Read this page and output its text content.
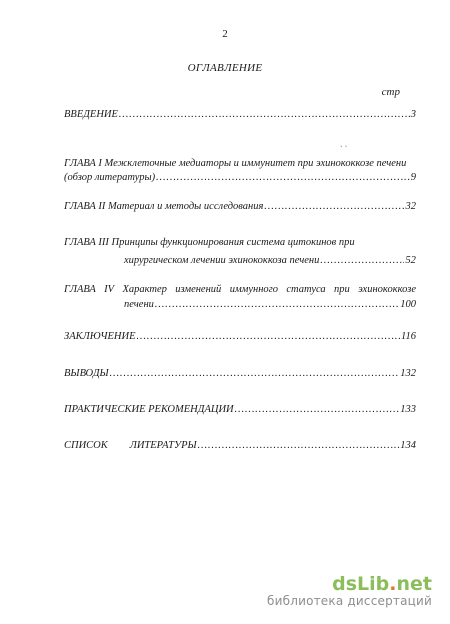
2
ОГЛАВЛЕНИЕ
стр
ˎ ˏ
ВВЕДЕНИЕ …………………………………………………………………………………………………………………………………………………………………………	3
ГЛАВА I Межклеточные медиаторы и иммунитет при эхинококкозе печени
(обзор литературы) …………………………………………………………………………………………………………………………………………………………………………	9
ГЛАВА II Материал и методы исследования …………………………………………………………………………………………………………………………………………………………………………	32
ГЛАВА III Принципы функционирования система цитокинов при
хирургическом лечении эхинококкоза печени …………………………………………………………………………………………………………………………………………………………………………	52
ГЛАВА IV Характер изменений иммунного статуса при эхинококкозе
печени …………………………………………………………………………………………………………………………………………………………………………	100
ЗАКЛЮЧЕНИЕ …………………………………………………………………………………………………………………………………………………………………………	116
ВЫВОДЫ …………………………………………………………………………………………………………………………………………………………………………	132
ПРАКТИЧЕСКИЕ РЕКОМЕНДАЦИИ …………………………………………………………………………………………………………………………………………………………………………	133
СПИСОК ЛИТЕРАТУРЫ …………………………………………………………………………………………………………………………………………………………………………	134
dsLib.net
библиотека диссертаций
